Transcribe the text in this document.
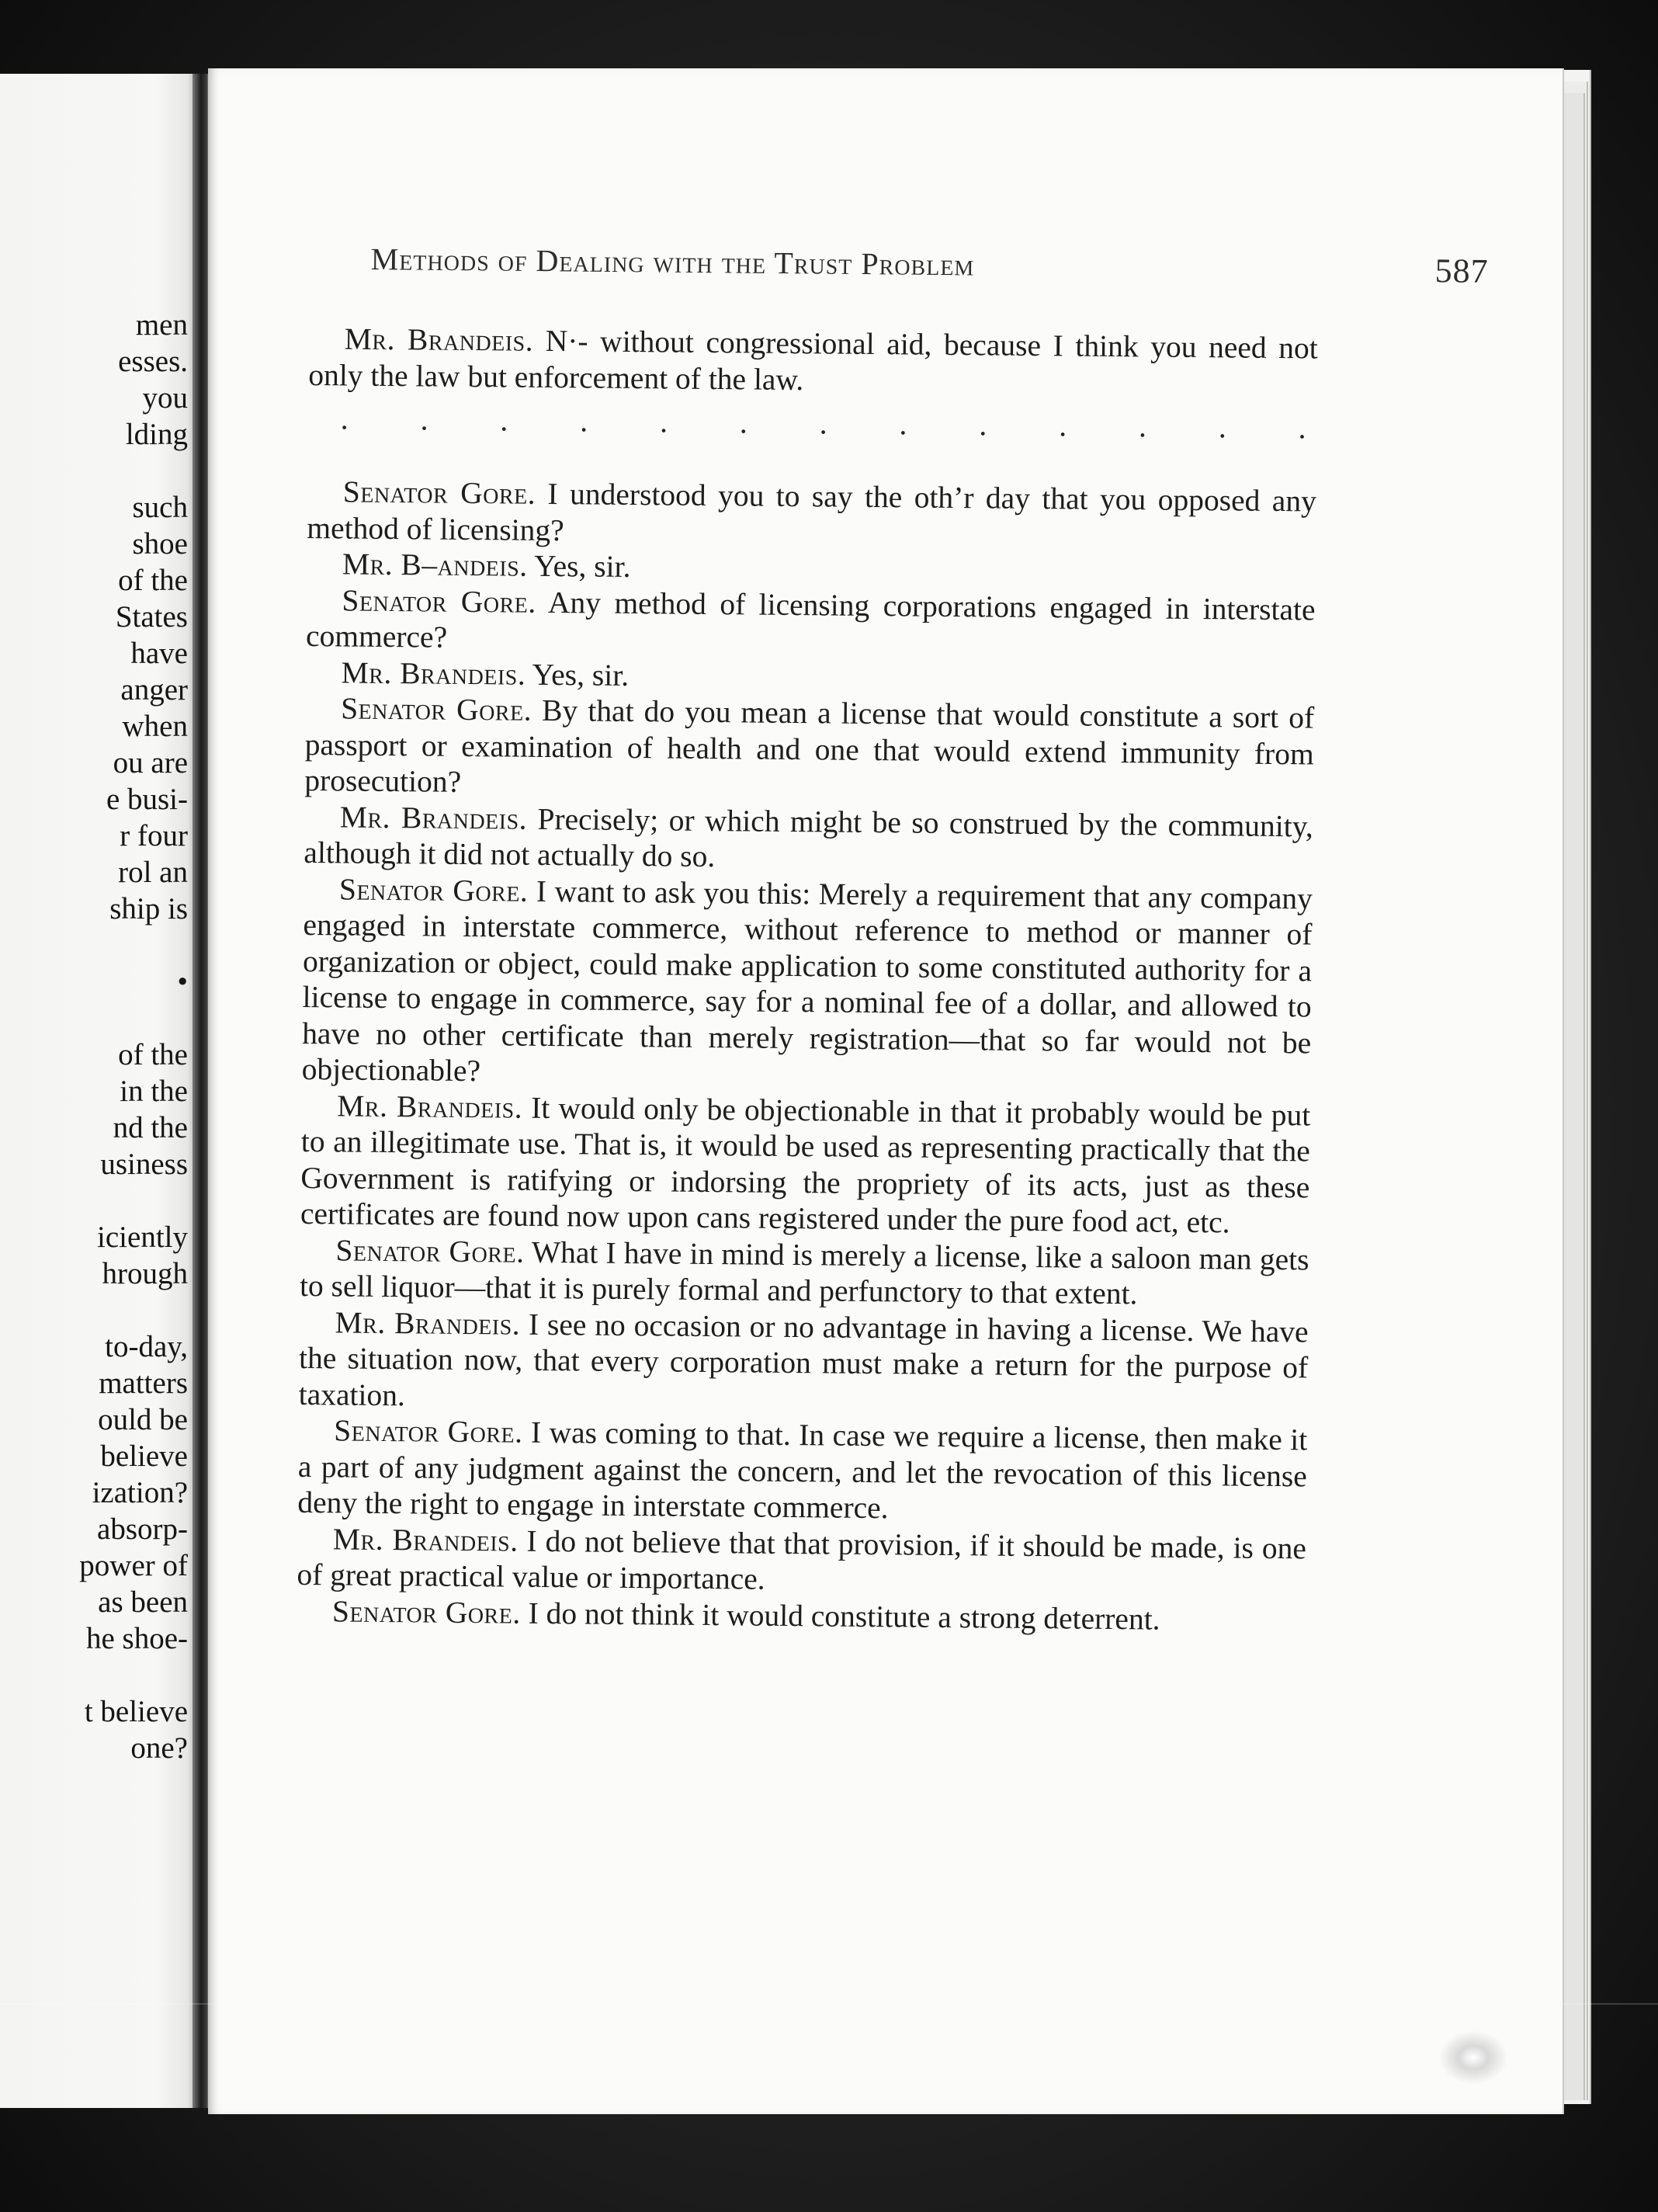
men
esses.
you
lding
such
shoe
of the
States
have
anger
when
ou are
e busi-
r four
rol an
ship is
•
of the
in the
nd the
usiness
iciently
hrough
to-day,
matters
ould be
believe
ization?
absorp-
power of
as been
he shoe-
t believe
one?
Methods of Dealing with the Trust Problem	587

Mr. Brandeis. N·‐ without congressional aid, because I think you need not only the law but enforcement of the law.

. . . . . . . . . . . . .

Senator Gore. I understood you to say the oth’r day that you opposed any method of licensing?

Mr. B–andeis. Yes, sir.

Senator Gore. Any method of licensing corporations engaged in interstate commerce?

Mr. Brandeis. Yes, sir.

Senator Gore. By that do you mean a license that would constitute a sort of passport or examination of health and one that would extend immunity from prosecution?

Mr. Brandeis. Precisely; or which might be so construed by the community, although it did not actually do so.

Senator Gore. I want to ask you this: Merely a requirement that any company engaged in interstate commerce, without reference to method or manner of organization or object, could make application to some constituted authority for a license to engage in commerce, say for a nominal fee of a dollar, and allowed to have no other certificate than merely registration—that so far would not be objectionable?

Mr. Brandeis. It would only be objectionable in that it probably would be put to an illegitimate use. That is, it would be used as representing practically that the Government is ratifying or indorsing the propriety of its acts, just as these certificates are found now upon cans registered under the pure food act, etc.

Senator Gore. What I have in mind is merely a license, like a saloon man gets to sell liquor—that it is purely formal and perfunctory to that extent.

Mr. Brandeis. I see no occasion or no advantage in having a license. We have the situation now, that every corporation must make a return for the purpose of taxation.

Senator Gore. I was coming to that. In case we require a license, then make it a part of any judgment against the concern, and let the revocation of this license deny the right to engage in interstate commerce.

Mr. Brandeis. I do not believe that that provision, if it should be made, is one of great practical value or importance.

Senator Gore. I do not think it would constitute a strong deterrent.
